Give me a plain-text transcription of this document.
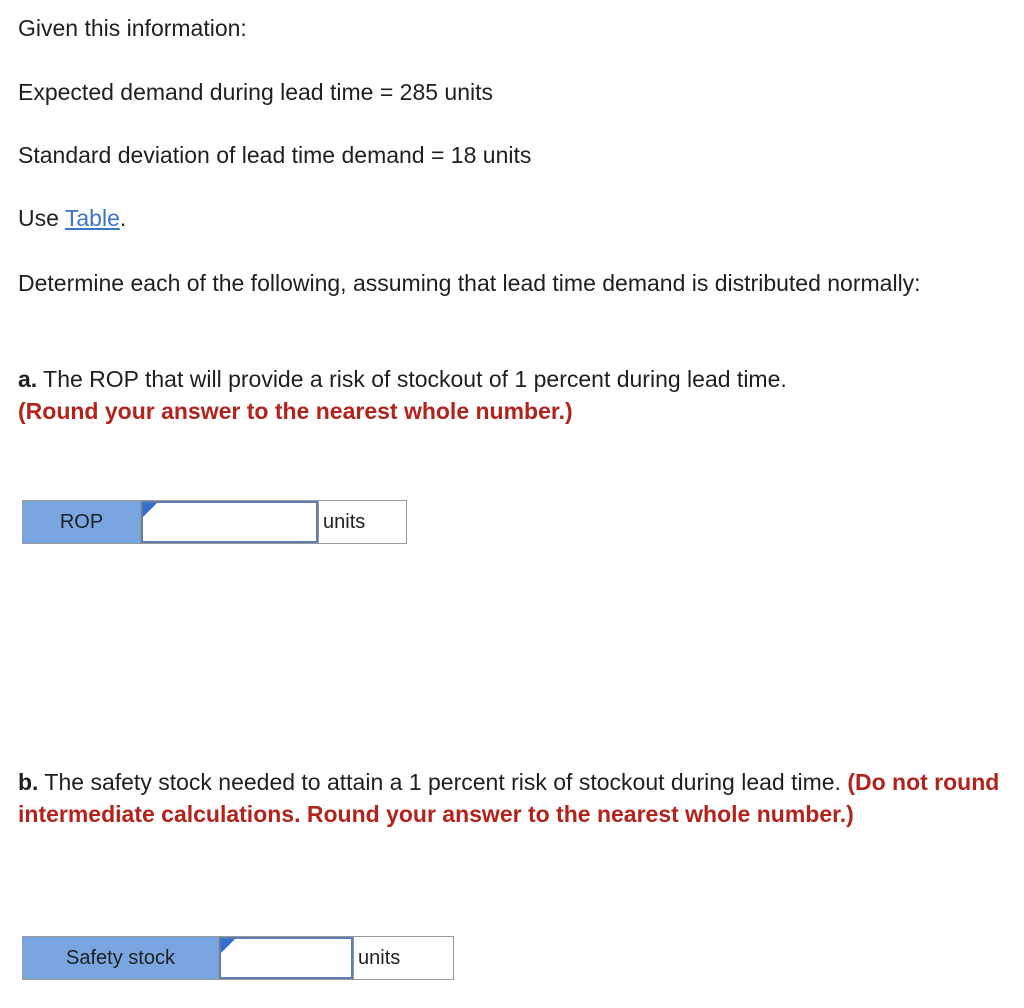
Given this information:

Expected demand during lead time = 285 units

Standard deviation of lead time demand = 18 units

Use Table.

Determine each of the following, assuming that lead time demand is distributed normally:

a. The ROP that will provide a risk of stockout of 1 percent during lead time.
(Round your answer to the nearest whole number.)

ROP	units

b. The safety stock needed to attain a 1 percent risk of stockout during lead time. (Do not round intermediate calculations. Round your answer to the nearest whole number.)

Safety stock	units
